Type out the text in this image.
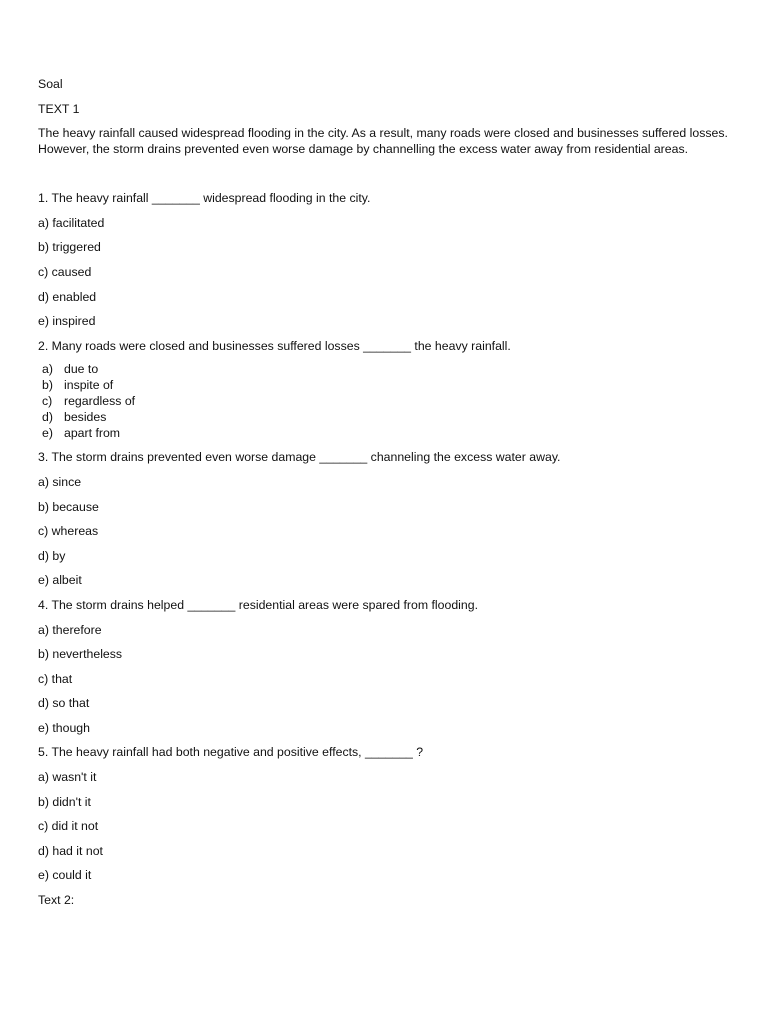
Soal
TEXT 1
The heavy rainfall caused widespread flooding in the city. As a result, many roads were closed and businesses suffered losses. However, the storm drains prevented even worse damage by channelling the excess water away from residential areas.
1. The heavy rainfall _______ widespread flooding in the city.
a) facilitated
b) triggered
c) caused
d) enabled
e) inspired
2. Many roads were closed and businesses suffered losses _______ the heavy rainfall.
a) due to
b) inspite of
c) regardless of
d) besides
e) apart from
3. The storm drains prevented even worse damage _______ channeling the excess water away.
a) since
b) because
c) whereas
d) by
e) albeit
4. The storm drains helped _______ residential areas were spared from flooding.
a) therefore
b) nevertheless
c) that
d) so that
e) though
5. The heavy rainfall had both negative and positive effects, _______ ?
a) wasn't it
b) didn't it
c) did it not
d) had it not
e) could it
Text 2:
